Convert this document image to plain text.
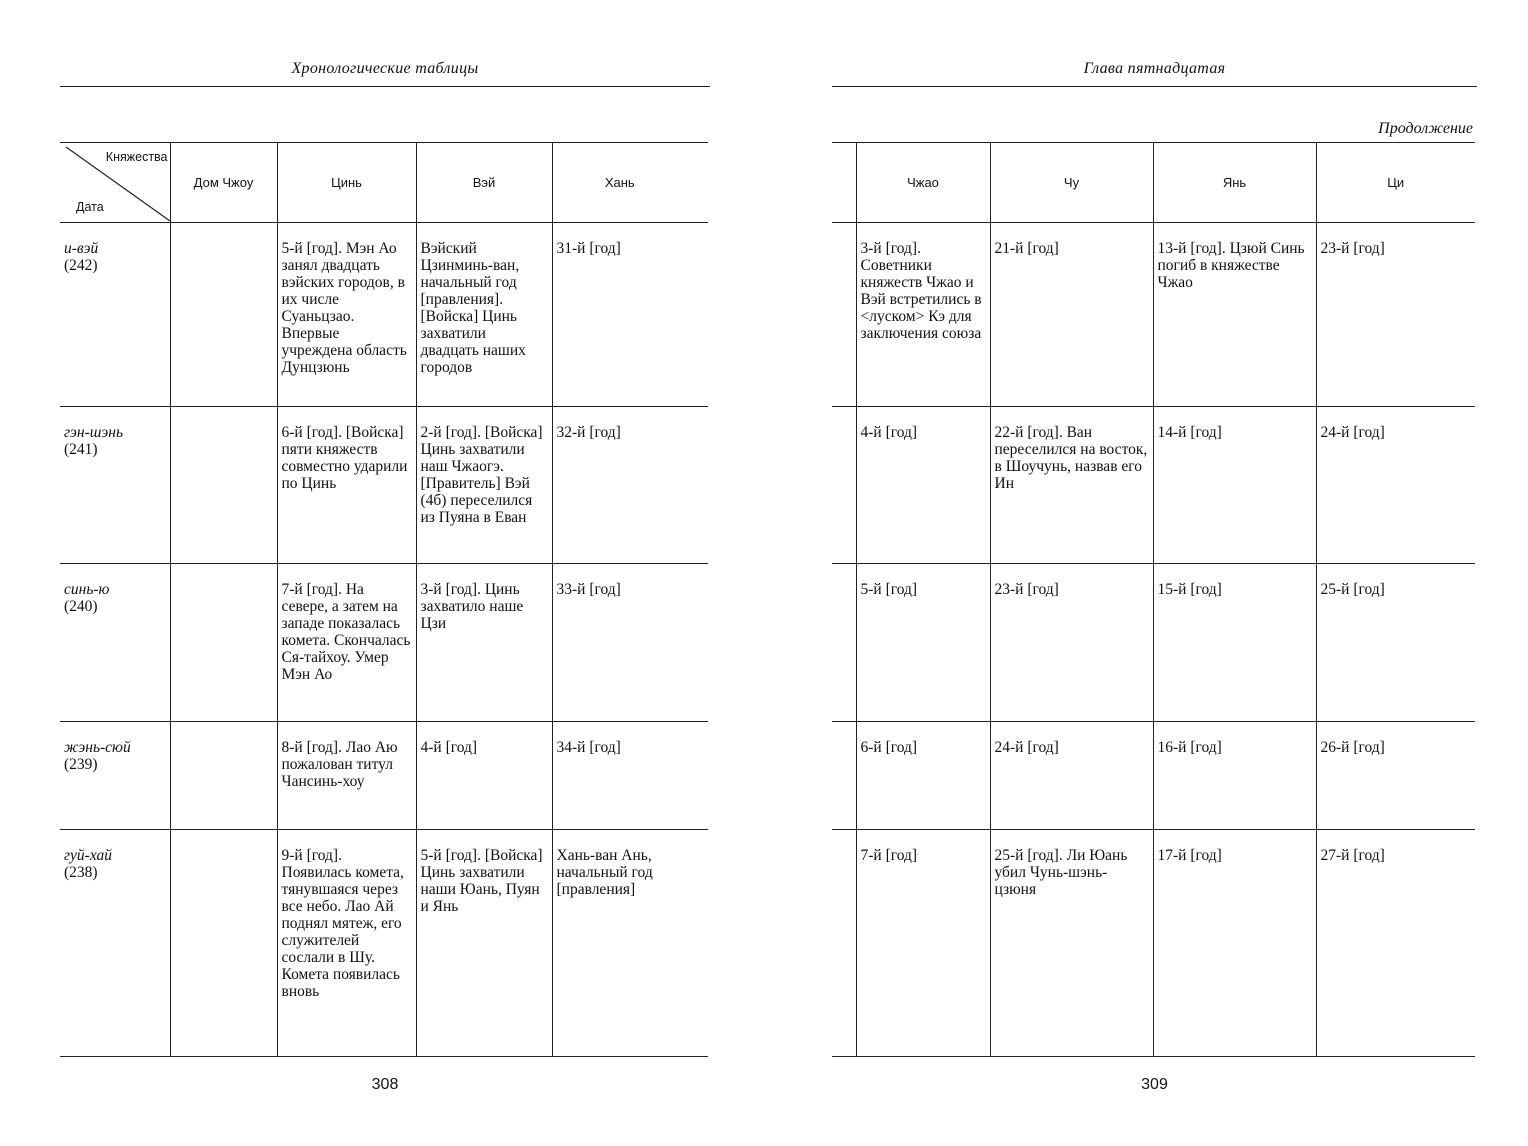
Хронологические таблицы
Княжества
Дата	Дом Чжоу	Цинь	Вэй	Хань	

и-вэй
(242)		5-й [год]. Мэн Ао занял двадцать вэйских городов, в их числе Суаньцзао. Впервые учреждена область Дунцзюнь	Вэйский Цзинминь-ван, начальный год [правления]. [Войска] Цинь захватили двадцать наших городов	31-й [год]	

гэн-шэнь
(241)		6-й [год]. [Войска] пяти княжеств совместно ударили по Цинь	2-й [год]. [Войска] Цинь захватили наш Чжаогэ. [Правитель] Вэй (4б) переселился из Пуяна в Еван	32-й [год]	

синь-ю
(240)		7-й [год]. На севере, а затем на западе показалась комета. Скончалась Ся-тайхоу. Умер Мэн Ао	3-й [год]. Цинь захватило наше Цзи	33-й [год]	

жэнь-сюй
(239)		8-й [год]. Лао Аю пожалован титул Чансинь-хоу	4-й [год]	34-й [год]	

гуй-хай
(238)		9-й [год]. Появилась комета, тянувшаяся через все небо. Лао Ай поднял мятеж, его служителей сослали в Шу. Комета появилась вновь	5-й [год]. [Войска] Цинь захватили наши Юань, Пуян и Янь	Хань-ван Ань, начальный год [правления]	
308
Глава пятнадцатая
Продолжение
	Чжао	Чу	Янь	Ци
	3-й [год]. Советники княжеств Чжао и Вэй встретились в <луском> Кэ для заключения союза	21-й [год]	13-й [год]. Цзюй Синь погиб в княжестве Чжао	23-й [год]
	4-й [год]	22-й [год]. Ван переселился на восток, в Шоучунь, назвав его Ин	14-й [год]	24-й [год]
	5-й [год]	23-й [год]	15-й [год]	25-й [год]
	6-й [год]	24-й [год]	16-й [год]	26-й [год]
	7-й [год]	25-й [год]. Ли Юань убил Чунь-шэнь-цзюня	17-й [год]	27-й [год]
309
